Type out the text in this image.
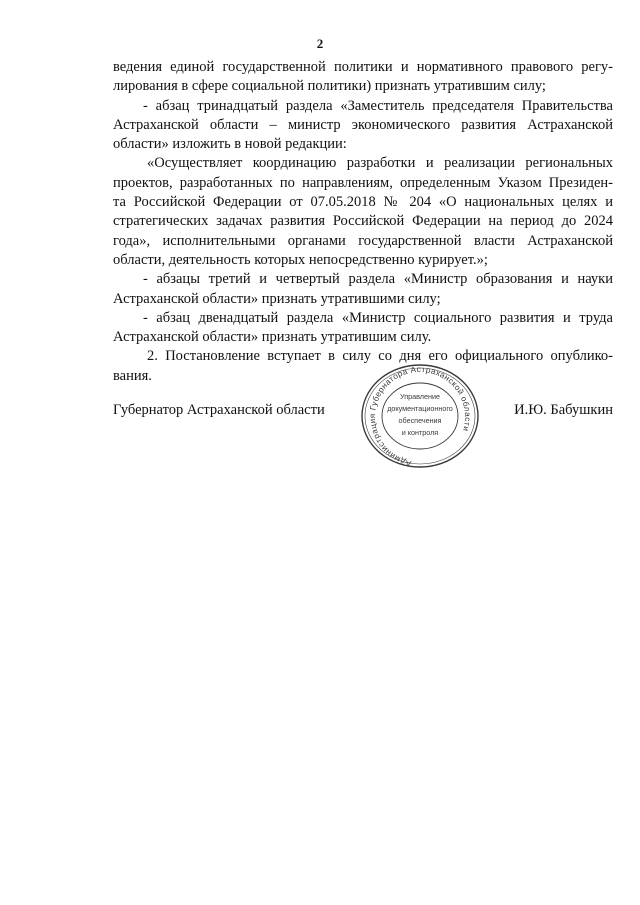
2
ведения единой государственной политики и нормативного правового регу-
лирования в сфере социальной политики) признать утратившим силу;
- абзац тринадцатый раздела «Заместитель председателя Правительства
Астраханской области – министр экономического развития Астраханской
области» изложить в новой редакции:
«Осуществляет координацию разработки и реализации региональных
проектов, разработанных по направлениям, определенным Указом Президен-
та Российской Федерации от 07.05.2018 № 204 «О национальных целях и
стратегических задачах развития Российской Федерации на период до 2024
года», исполнительными органами государственной власти Астраханской
области, деятельность которых непосредственно курирует.»;
- абзацы третий и четвертый раздела «Министр образования и науки
Астраханской области» признать утратившими силу;
- абзац двенадцатый раздела «Министр социального развития и труда
Астраханской области» признать утратившим силу.
2. Постановление вступает в силу со дня его официального опублико-
вания.
Губернатор Астраханской области	И.Ю. Бабушкин
Администрация Губернатора Астраханской области
Управление
документационного
обеспечения
и контроля
